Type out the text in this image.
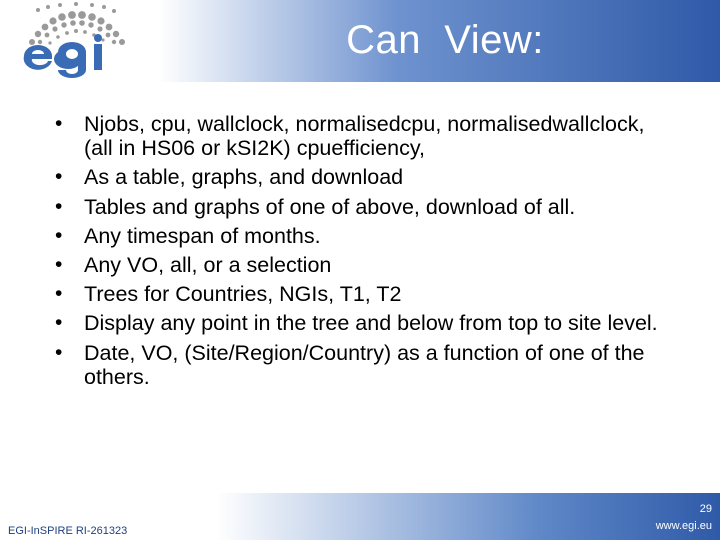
Can  View:
• Njobs, cpu, wallclock, normalisedcpu, normalisedwallclock, (all in HS06 or kSI2K) cpuefficiency,
• As a table, graphs, and download
• Tables and graphs of one of above, download of all.
• Any timespan of months.
• Any VO, all, or a selection
• Trees for Countries, NGIs, T1, T2
• Display any point in the tree and below from top to site level.
• Date, VO, (Site/Region/Country) as a function of one of the others.
EGI-InSPIRE RI-261323
29
www.egi.eu
